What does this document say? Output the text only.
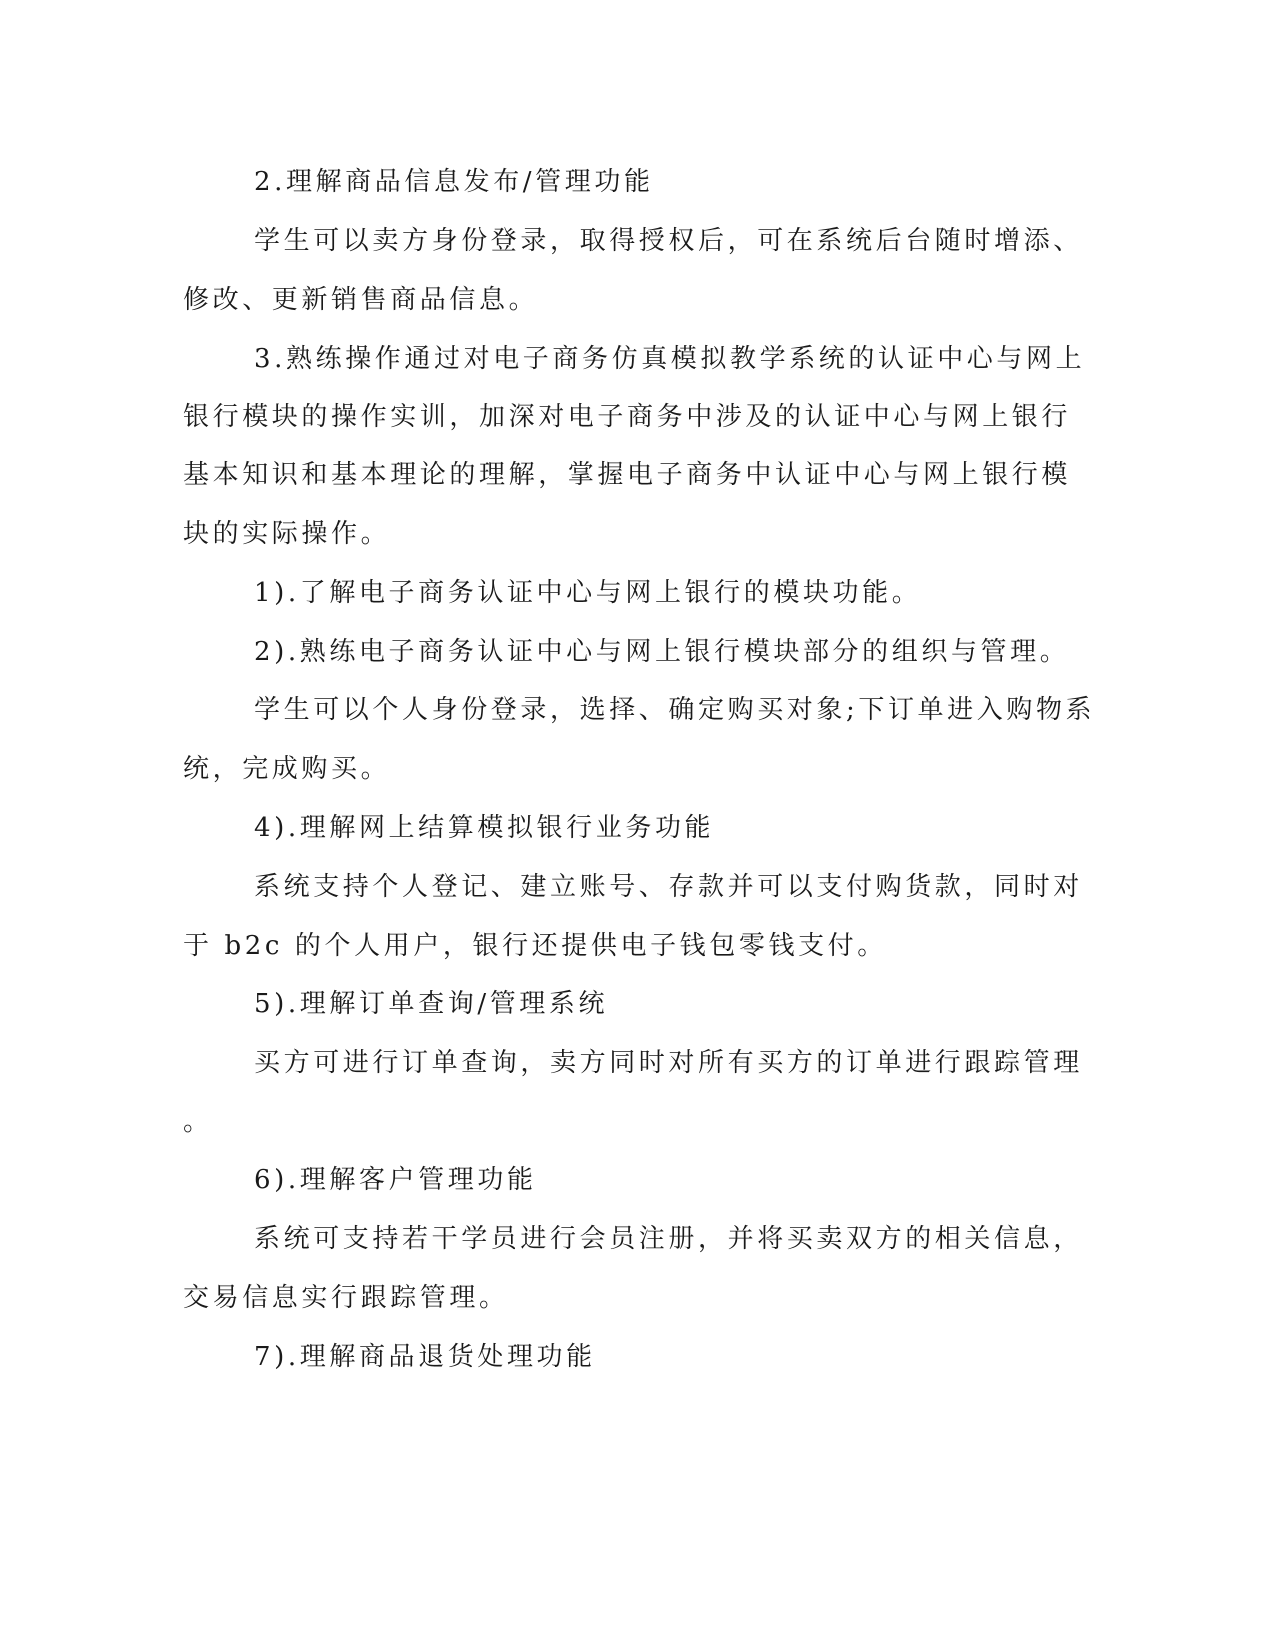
2.理解商品信息发布/管理功能
学生可以卖方身份登录，取得授权后，可在系统后台随时增添、
修改、更新销售商品信息。
3.熟练操作通过对电子商务仿真模拟教学系统的认证中心与网上
银行模块的操作实训，加深对电子商务中涉及的认证中心与网上银行
基本知识和基本理论的理解，掌握电子商务中认证中心与网上银行模
块的实际操作。
1).了解电子商务认证中心与网上银行的模块功能。
2).熟练电子商务认证中心与网上银行模块部分的组织与管理。
学生可以个人身份登录，选择、确定购买对象;下订单进入购物系
统，完成购买。
4).理解网上结算模拟银行业务功能
系统支持个人登记、建立账号、存款并可以支付购货款，同时对
于 b2c 的个人用户，银行还提供电子钱包零钱支付。
5).理解订单查询/管理系统
买方可进行订单查询，卖方同时对所有买方的订单进行跟踪管理
。
6).理解客户管理功能
系统可支持若干学员进行会员注册，并将买卖双方的相关信息，
交易信息实行跟踪管理。
7).理解商品退货处理功能
